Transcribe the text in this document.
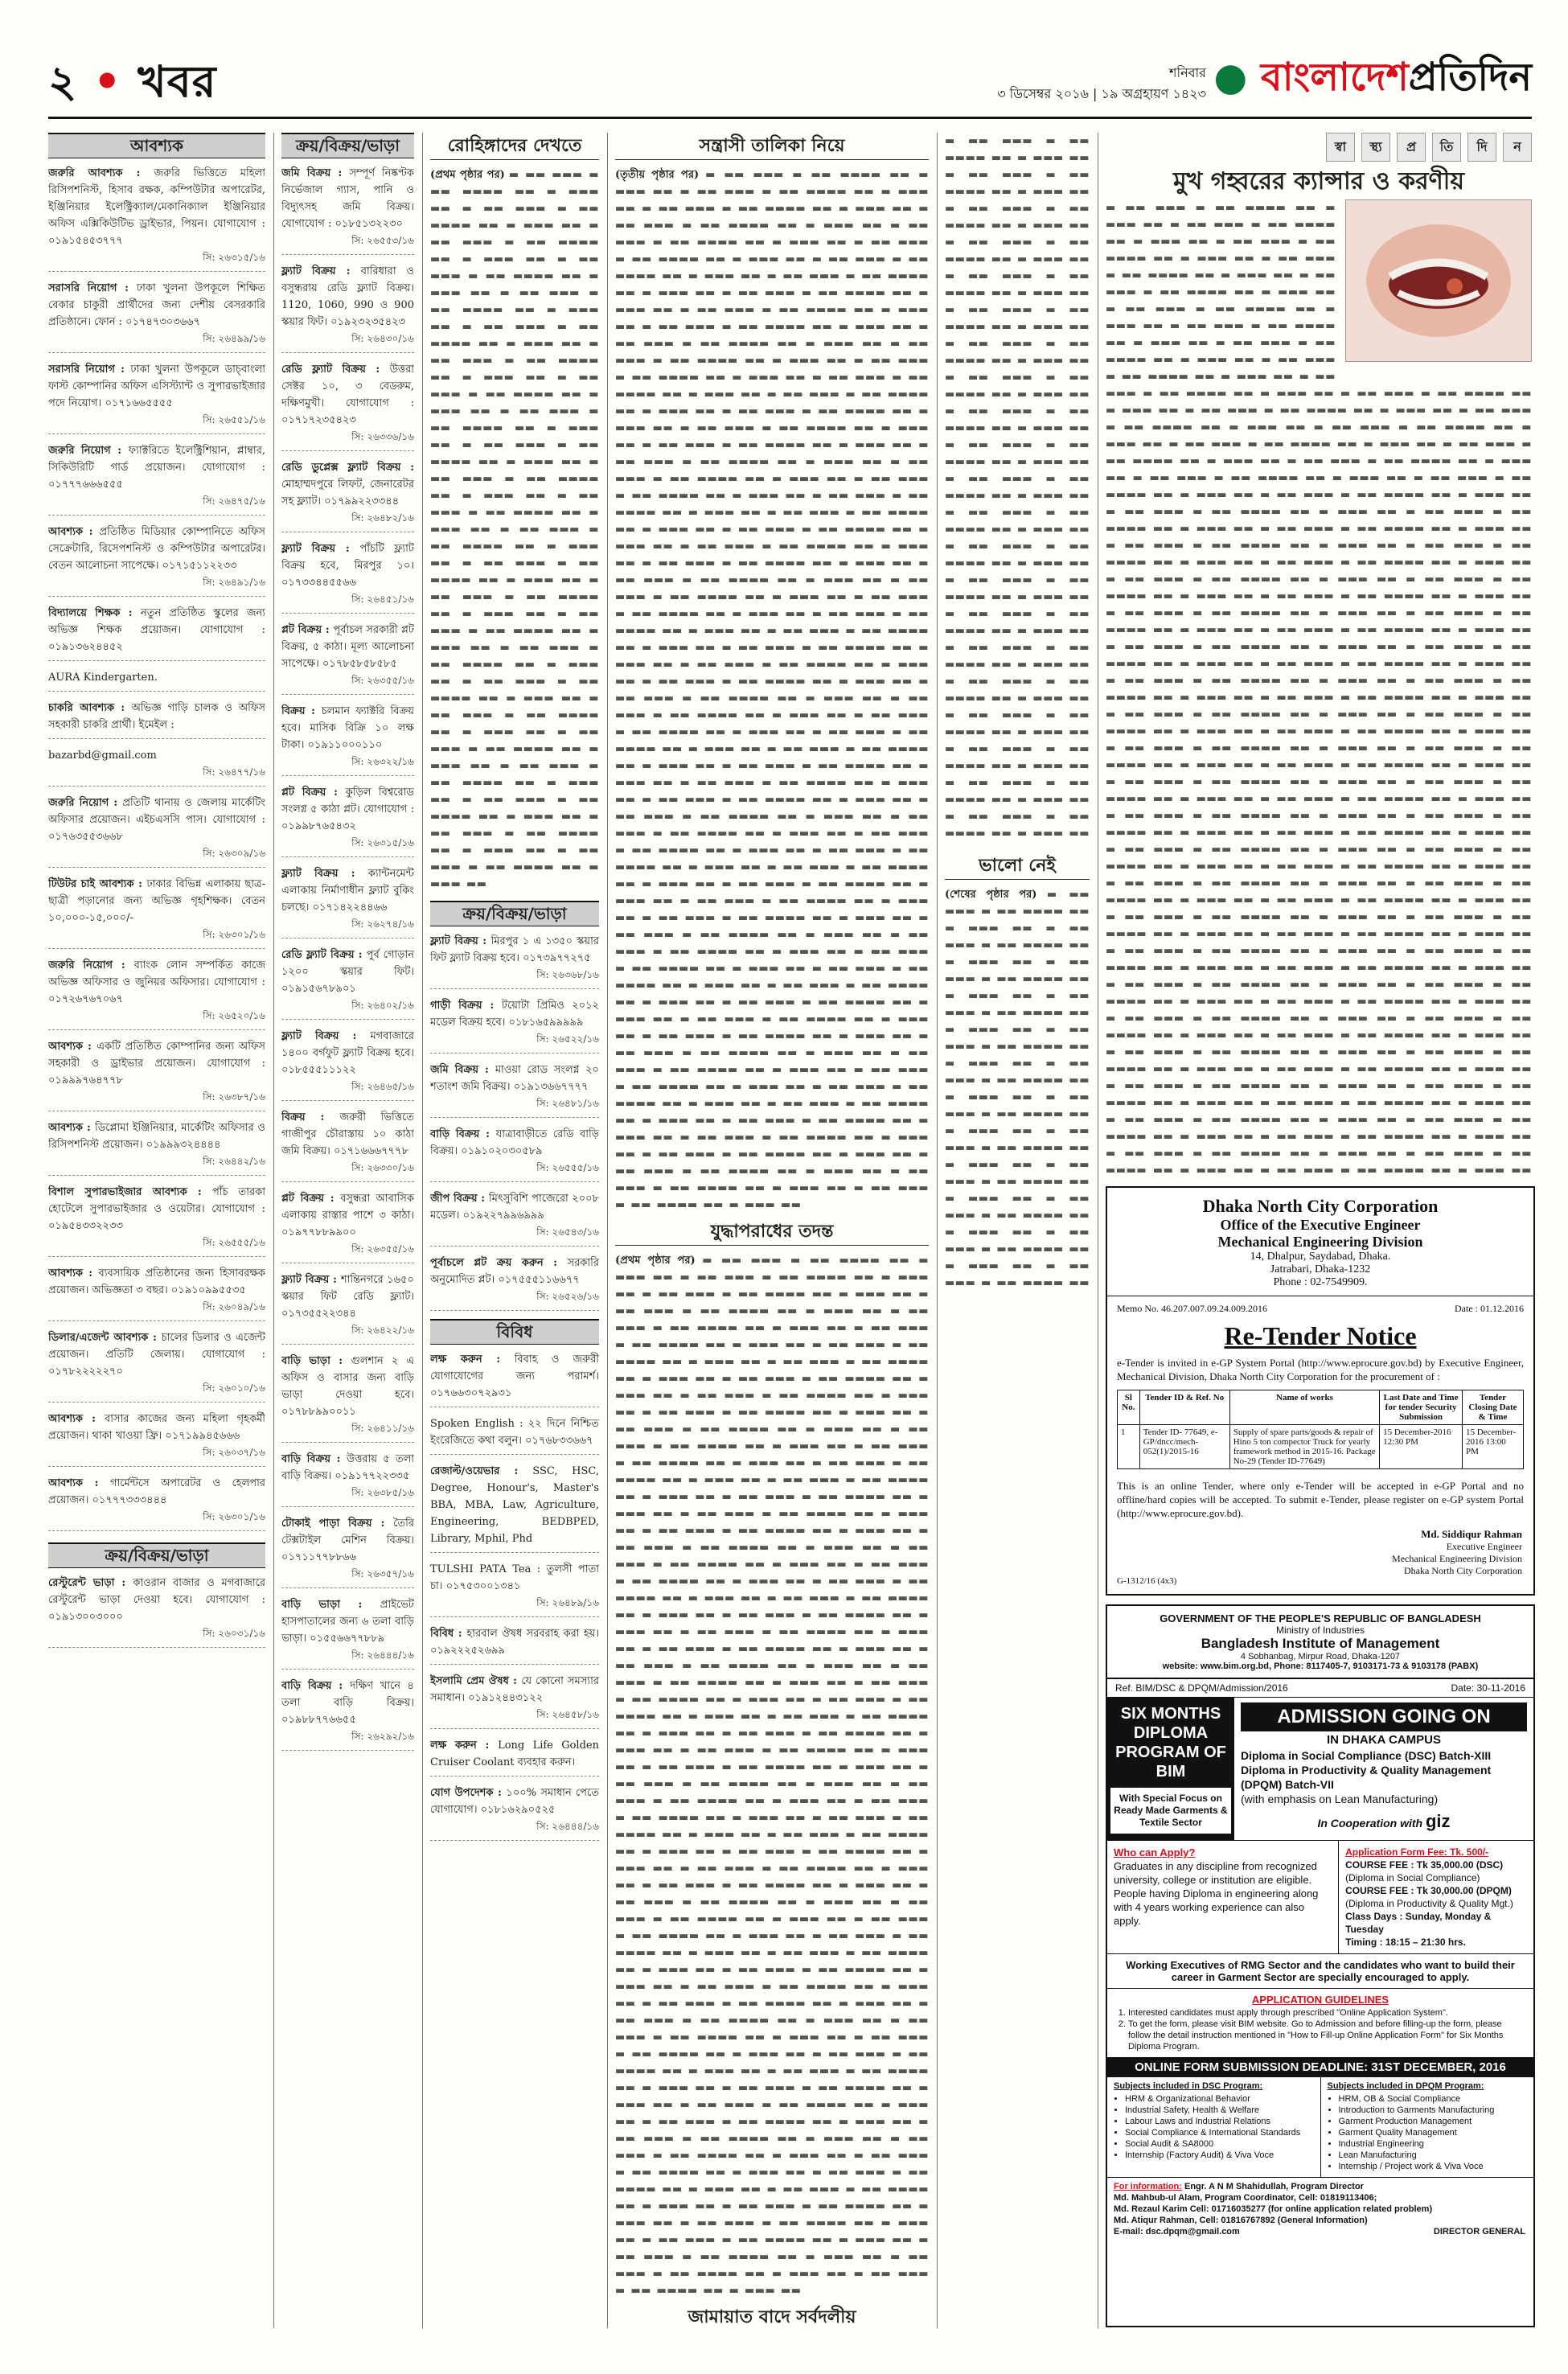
২ • খবর	শনিবার
৩ ডিসেম্বর ২০১৬ | ১৯ অগ্রহায়ণ ১৪২৩ ● বাংলাদেশপ্রতিদিন
আবশ্যক
জরুরি আবশ্যক : জরুরি ভিত্তিতে মহিলা রিসিপশনিস্ট, হিসাব রক্ষক, কম্পিউটার অপারেটর, ইঞ্জিনিয়ার ইলেক্ট্রিক্যাল/মেকানিক্যাল ইঞ্জিনিয়ার অফিস এক্সিকিউটিভ ড্রাইভার, পিয়ন। যোগাযোগ : ০১৯১৫৪৫৩৭৭৭
সি: ২৬৩১৫/১৬
সরাসরি নিয়োগ : ঢাকা খুলনা উপকূলে শিক্ষিত বেকার চাকুরী প্রার্থীদের জন্য দেশীয় বেসরকারি প্রতিষ্ঠানে। ফোন : ০১৭৪৭৩০৩৬৬৭
সি: ২৬৪৯৯/১৬
সরাসরি নিয়োগ : ঢাকা খুলনা উপকূলে ডাচ্‌বাংলা ফাস্ট কোম্পানির অফিস এসিস্ট্যান্ট ও সুপারভাইজার পদে নিয়োগ। ০১৭১৬৬৫৫৫৫
সি: ২৬৫৫১/১৬
জরুরি নিয়োগ : ফ্যাক্টরিতে ইলেক্ট্রিশিয়ান, প্লাম্বার, সিকিউরিটি গার্ড প্রয়োজন। যোগাযোগ : ০১৭৭৭৬৬৬৫৫৫
সি: ২৬৪৭৫/১৬
আবশ্যক : প্রতিষ্ঠিত মিডিয়ার কোম্পানিতে অফিস সেক্রেটারি, রিসেপশনিস্ট ও কম্পিউটার অপারেটর। বেতন আলোচনা সাপেক্ষে। ০১৭১৫১১২২৩৩
সি: ২৬৪৯১/১৬
বিদ্যালয়ে শিক্ষক : নতুন প্রতিষ্ঠিত স্কুলের জন্য অভিজ্ঞ শিক্ষক প্রয়োজন। যোগাযোগ : ০১৯১৩৬২৪৪৫২
AURA Kindergarten.
চাকরি আবশ্যক : অভিজ্ঞ গাড়ি চালক ও অফিস সহকারী চাকরি প্রার্থী। ইমেইল :
bazarbd@gmail.com
সি: ২৬৪৭৭/১৬
জরুরি নিয়োগ : প্রতিটি থানায় ও জেলায় মার্কেটিং অফিসার প্রয়োজন। এইচএসসি পাস। যোগাযোগ : ০১৭৬৩৫৫৩৬৬৮
সি: ২৬৩০৯/১৬
টিউটর চাই আবশ্যক : ঢাকার বিভিন্ন এলাকায় ছাত্র-ছাত্রী পড়ানোর জন্য অভিজ্ঞ গৃহশিক্ষক। বেতন ১০,০০০-১৫,০০০/-
সি: ২৬৩০১/১৬
জরুরি নিয়োগ : ব্যাংক লোন সম্পর্কিত কাজে অভিজ্ঞ অফিসার ও জুনিয়র অফিসার। যোগাযোগ : ০১৭২৬৭৬৭০৬৭
সি: ২৬৫২০/১৬
আবশ্যক : একটি প্রতিষ্ঠিত কোম্পানির জন্য অফিস সহকারী ও ড্রাইভার প্রয়োজন। যোগাযোগ : ০১৯৯৯৭৬৪৭৭৮
সি: ২৬৩৮৭/১৬
আবশ্যক : ডিপ্লোমা ইঞ্জিনিয়ার, মার্কেটিং অফিসার ও রিসিপশনিস্ট প্রয়োজন। ০১৯৯৯৩২৪৪৪৪
সি: ২৬৪৪২/১৬
বিশাল সুপারভাইজার আবশ্যক : পাঁচ তারকা হোটেলে সুপারভাইজার ও ওয়েটার। যোগাযোগ : ০১৯৫৪৩৩২২৩৩
সি: ২৬৫৫৫/১৬
আবশ্যক : ব্যবসায়িক প্রতিষ্ঠানের জন্য হিসাবরক্ষক প্রয়োজন। অভিজ্ঞতা ৩ বছর। ০১৯১০৯৯৫৫৩৫
সি: ২৬০৪৯/১৬
ডিলার/এজেন্ট আবশ্যক : চালের ডিলার ও এজেন্ট প্রয়োজন। প্রতিটি জেলায়। যোগাযোগ : ০১৭৮২২২২২৭০
সি: ২৬০১০/১৬
আবশ্যক : বাসার কাজের জন্য মহিলা গৃহকর্মী প্রয়োজন। থাকা খাওয়া ফ্রি। ০১৭১৯৯৪৫৬৬৬
সি: ২৬০৩৭/১৬
আবশ্যক : গার্মেন্টসে অপারেটর ও হেলপার প্রয়োজন। ০১৭৭৭৩৩৩৪৪৪
সি: ২৬৩০১/১৬
ক্রয়/বিক্রয়/ভাড়া
রেস্টুরেন্ট ভাড়া : কাওরান বাজার ও মগবাজারে রেস্টুরেন্ট ভাড়া দেওয়া হবে। যোগাযোগ : ০১৯১৩০০৩০০০
সি: ২৬০৩১/১৬
ক্রয়/বিক্রয়/ভাড়া
জমি বিক্রয় : সম্পূর্ণ নিষ্কণ্টক নির্ভেজাল গ্যাস, পানি ও বিদ্যুৎসহ জমি বিক্রয়। যোগাযোগ : ০১৮৫১৩২২৩০
সি: ২৬৫৫৩/১৬
ফ্ল্যাট বিক্রয় : বারিধারা ও বসুন্ধরায় রেডি ফ্ল্যাট বিক্রয়। 1120, 1060, 990 ও 900 স্কয়ার ফিট। ০১৯২৩২৩৫৪২৩
সি: ২৬৪৩০/১৬
রেডি ফ্ল্যাট বিক্রয় : উত্তরা সেক্টর ১০, ৩ বেডরুম, দক্ষিণমুখী। যোগাযোগ : ০১৭১৭২৩৫৪২৩
সি: ২৬৩৩৬/১৬
রেডি ডুপ্লেক্স ফ্ল্যাট বিক্রয় : মোহাম্মদপুরে লিফট, জেনারেটর সহ ফ্ল্যাট। ০১৭৯৯২২৩৩৪৪
সি: ২৬৪৮২/১৬
ফ্ল্যাট বিক্রয় : পাঁচটি ফ্ল্যাট বিক্রয় হবে, মিরপুর ১০। ০১৭৩৩৪৪৫৫৬৬
সি: ২৬৪৫১/১৬
প্লট বিক্রয় : পূর্বাচল সরকারী প্লট বিক্রয়, ৫ কাঠা। মূল্য আলোচনা সাপেক্ষে। ০১৭৮৫৮৫৮৫৮৫
সি: ২৬৩৫৫/১৬
বিক্রয় : চলমান ফ্যাক্টরি বিক্রয় হবে। মাসিক বিক্রি ১০ লক্ষ টাকা। ০১৯১১০০০১১০
সি: ২৬৩২২/১৬
প্লট বিক্রয় : কুড়িল বিশ্বরোড সংলগ্ন ৫ কাঠা প্লট। যোগাযোগ : ০১৯৯৮৭৬৫৪৩২
সি: ২৬৩১৫/১৬
ফ্ল্যাট বিক্রয় : ক্যান্টনমেন্ট এলাকায় নির্মাণাধীন ফ্ল্যাট বুকিং চলছে। ০১৭১৪২২৪৪৬৬
সি: ২৬২৭৪/১৬
রেডি ফ্ল্যাট বিক্রয় : পুর্ব গোড়ান ১২০০ স্কয়ার ফিট। ০১৯১৫৬৭৮৯০১
সি: ২৬৪০২/১৬
ফ্ল্যাট বিক্রয় : মগবাজারে ১৪০০ বর্গফুট ফ্ল্যাট বিক্রয় হবে। ০১৮৫৫৫১১১২২
সি: ২৬৪৬৫/১৬
বিক্রয় : জরুরী ভিত্তিতে গাজীপুর চৌরাস্তায় ১০ কাঠা জমি বিক্রয়। ০১৭১৬৬৬৭৭৭৮
সি: ২৬৩৩০/১৬
প্লট বিক্রয় : বসুন্ধরা আবাসিক এলাকায় রাস্তার পাশে ৩ কাঠা। ০১৯৭৭৮৮৯৯০০
সি: ২৬৩৫৫/১৬
ফ্ল্যাট বিক্রয় : শান্তিনগরে ১৬৫০ স্কয়ার ফিট রেডি ফ্ল্যাট। ০১৭৩৫৫২২৩৪৪
সি: ২৬৪২২/১৬
বাড়ি ভাড়া : গুলশান ২ এ অফিস ও বাসার জন্য বাড়ি ভাড়া দেওয়া হবে। ০১৭৮৮৯৯০০১১
সি: ২৬৪১১/১৬
বাড়ি বিক্রয় : উত্তরায় ৫ তলা বাড়ি বিক্রয়। ০১৯১৭৭২২৩৩৫
সি: ২৬৩৮৫/১৬
টোকাই পাড়া বিক্রয় : তৈরি টেক্সটাইল মেশিন বিক্রয়। ০১৭১১৭৭৮৮৬৬
সি: ২৬৩৫৭/১৬
বাড়ি ভাড়া : প্রাইভেট হাসপাতালের জন্য ৬ তলা বাড়ি ভাড়া। ০১৫৫৬৬৭৭৮৮৯
সি: ২৬৪৪৪/১৬
বাড়ি বিক্রয় : দক্ষিণ খানে ৪ তলা বাড়ি বিক্রয়। ০১৯৮৮৭৭৬৬৫৫
সি: ২৬২৯২/১৬
রোহিঙ্গাদের দেখতে

(প্রথম পৃষ্ঠার পর) ▬ ▬▬ ▬▬▬ ▬ ▬▬ ▬▬▬▬ ▬▬ ▬ ▬▬▬ ▬▬ ▬ ▬▬ ▬▬▬ ▬ ▬▬ ▬▬▬▬ ▬▬ ▬ ▬▬▬ ▬▬ ▬ ▬▬ ▬▬▬ ▬ ▬▬ ▬▬▬▬ ▬▬ ▬ ▬▬▬ ▬▬ ▬ ▬▬ ▬▬▬ ▬ ▬▬ ▬▬▬▬ ▬▬ ▬ ▬▬▬ ▬▬ ▬ ▬▬ ▬▬▬ ▬ ▬▬ ▬▬▬▬ ▬▬ ▬ ▬▬▬ ▬▬ ▬ ▬▬ ▬▬▬ ▬ ▬▬ ▬▬▬▬ ▬▬ ▬ ▬▬▬ ▬▬ ▬ ▬▬ ▬▬▬ ▬ ▬▬ ▬▬▬▬ ▬▬ ▬ ▬▬▬ ▬▬ ▬ ▬▬ ▬▬▬ ▬ ▬▬ ▬▬▬▬ ▬▬ ▬ ▬▬▬ ▬▬ ▬ ▬▬ ▬▬▬ ▬ ▬▬ ▬▬▬▬ ▬▬ ▬ ▬▬▬ ▬▬ ▬ ▬▬ ▬▬▬ ▬ ▬▬ ▬▬▬▬ ▬▬ ▬ ▬▬▬ ▬▬ ▬ ▬▬ ▬▬▬ ▬ ▬▬ ▬▬▬▬ ▬▬ ▬ ▬▬▬ ▬▬ ▬ ▬▬ ▬▬▬ ▬ ▬▬ ▬▬▬▬ ▬▬ ▬ ▬▬▬ ▬▬ ▬ ▬▬ ▬▬▬ ▬ ▬▬ ▬▬▬▬ ▬▬ ▬ ▬▬▬ ▬▬ ▬ ▬▬ ▬▬▬ ▬ ▬▬ ▬▬▬▬ ▬▬ ▬ ▬▬▬ ▬▬ ▬ ▬▬ ▬▬▬ ▬ ▬▬ ▬▬▬▬ ▬▬ ▬ ▬▬▬ ▬▬ ▬ ▬▬ ▬▬▬ ▬ ▬▬ ▬▬▬▬ ▬▬ ▬ ▬▬▬ ▬▬ ▬ ▬▬ ▬▬▬ ▬ ▬▬ ▬▬▬▬ ▬▬ ▬ ▬▬▬ ▬▬ ▬ ▬▬ ▬▬▬ ▬ ▬▬ ▬▬▬▬ ▬▬ ▬ ▬▬▬ ▬▬ ▬ ▬▬ ▬▬▬ ▬ ▬▬ ▬▬▬▬ ▬▬ ▬ ▬▬▬ ▬▬ ▬ ▬▬ ▬▬▬ ▬ ▬▬ ▬▬▬▬ ▬▬ ▬ ▬▬▬ ▬▬ ▬ ▬▬ ▬▬▬ ▬ ▬▬ ▬▬▬▬ ▬▬ ▬ ▬▬▬ ▬▬ ▬ ▬▬ ▬▬▬ ▬ ▬▬ ▬▬▬▬ ▬▬ ▬ ▬▬▬ ▬▬ ▬ ▬▬ ▬▬▬ ▬ ▬▬ ▬▬▬▬ ▬▬ ▬ ▬▬▬ ▬▬ ▬ ▬▬ ▬▬▬ ▬ ▬▬ ▬▬▬▬ ▬▬ ▬ ▬▬▬ ▬▬

ক্রয়/বিক্রয়/ভাড়া
ফ্ল্যাট বিক্রয় : মিরপুর ১ এ ১৩৫০ স্কয়ার ফিট ফ্ল্যাট বিক্রয় হবে। ০১৭৩৯৭৭২৭৫
সি: ২৬৩৬৮/১৬
গাড়ী বিক্রয় : টয়োটা প্রিমিও ২০১২ মডেল বিক্রয় হবে। ০১৮১৬৫৯৯৯৯৯
সি: ২৬৫২২/১৬
জমি বিক্রয় : মাওয়া রোড সংলগ্ন ২০ শতাংশ জমি বিক্রয়। ০১৯১৩৬৬৭৭৭৭
সি: ২৬৪৮১/১৬
বাড়ি বিক্রয় : যাত্রাবাড়ীতে রেডি বাড়ি বিক্রয়। ০১৯১০২০৩০৫৮৯
সি: ২৬৫৫৫/১৬
জীপ বিক্রয় : মিৎসুবিশি পাজেরো ২০০৮ মডেল। ০১৯২২৭৯৯৬৯৯৯
সি: ২৬৫৪৩/১৬
পূর্বাচলে প্লট ক্রয় করুন : সরকারি অনুমোদিত প্লট। ০১৭৫৫৫১১৬৬৭৭
সি: ২৬৫২৬/১৬
বিবিধ
লক্ষ করুন : বিবাহ ও জরুরী যোগাযোগের জন্য পরামর্শ। ০১৭৬৬৩০৭২৯৩১
Spoken English : ২২ দিনে নিশ্চিত ইংরেজিতে কথা বলুন। ০১৭৬৮৩৩৬৬৭
রেজাল্ট/ওয়েভার : SSC, HSC, Degree, Honour's, Master's BBA, MBA, Law, Agriculture, Engineering, BEDBPED, Library, Mphil, Phd
TULSHI PATA Tea : তুলসী পাতা চা। ০১৭৫৩০০১৩৪১
সি: ২৬৪৮৯/১৬
বিবিধ : হারবাল ঔষধ সরবরাহ করা হয়। ০১৯২২২৫২৬৯৯
ইসলামি প্রেম ঔষধ : যে কোনো সমস্যার সমাধান। ০১৯১২৪৪৩১২২
সি: ২৬৪৫৮/১৬
লক্ষ করুন : Long Life Golden Cruiser Coolant ব্যবহার করুন।
যোগ উপদেশক : ১০০% সমাধান পেতে যোগাযোগ। ০১৮১৬২৯০৫২৫
সি: ২৬৪৪৪/১৬
সন্ত্রাসী তালিকা নিয়ে

(তৃতীয় পৃষ্ঠার পর) ▬ ▬▬ ▬▬▬ ▬ ▬▬ ▬▬▬▬ ▬▬ ▬ ▬▬▬ ▬▬ ▬ ▬▬ ▬▬▬ ▬ ▬▬ ▬▬▬▬ ▬▬ ▬ ▬▬▬ ▬▬ ▬ ▬▬ ▬▬▬ ▬ ▬▬ ▬▬▬▬ ▬▬ ▬ ▬▬▬ ▬▬ ▬ ▬▬ ▬▬▬ ▬ ▬▬ ▬▬▬▬ ▬▬ ▬ ▬▬▬ ▬▬ ▬ ▬▬ ▬▬▬ ▬ ▬▬ ▬▬▬▬ ▬▬ ▬ ▬▬▬ ▬▬ ▬ ▬▬ ▬▬▬ ▬ ▬▬ ▬▬▬▬ ▬▬ ▬ ▬▬▬ ▬▬ ▬ ▬▬ ▬▬▬ ▬ ▬▬ ▬▬▬▬ ▬▬ ▬ ▬▬▬ ▬▬ ▬ ▬▬ ▬▬▬ ▬ ▬▬ ▬▬▬▬ ▬▬ ▬ ▬▬▬ ▬▬ ▬ ▬▬ ▬▬▬ ▬ ▬▬ ▬▬▬▬ ▬▬ ▬ ▬▬▬ ▬▬ ▬ ▬▬ ▬▬▬ ▬ ▬▬ ▬▬▬▬ ▬▬ ▬ ▬▬▬ ▬▬ ▬ ▬▬ ▬▬▬ ▬ ▬▬ ▬▬▬▬ ▬▬ ▬ ▬▬▬ ▬▬ ▬ ▬▬ ▬▬▬ ▬ ▬▬ ▬▬▬▬ ▬▬ ▬ ▬▬▬ ▬▬ ▬ ▬▬ ▬▬▬ ▬ ▬▬ ▬▬▬▬ ▬▬ ▬ ▬▬▬ ▬▬ ▬ ▬▬ ▬▬▬ ▬ ▬▬ ▬▬▬▬ ▬▬ ▬ ▬▬▬ ▬▬ ▬ ▬▬ ▬▬▬ ▬ ▬▬ ▬▬▬▬ ▬▬ ▬ ▬▬▬ ▬▬ ▬ ▬▬ ▬▬▬ ▬ ▬▬ ▬▬▬▬ ▬▬ ▬ ▬▬▬ ▬▬ ▬ ▬▬ ▬▬▬ ▬ ▬▬ ▬▬▬▬ ▬▬ ▬ ▬▬▬ ▬▬ ▬ ▬▬ ▬▬▬ ▬ ▬▬ ▬▬▬▬ ▬▬ ▬ ▬▬▬ ▬▬ ▬ ▬▬ ▬▬▬ ▬ ▬▬ ▬▬▬▬ ▬▬ ▬ ▬▬▬ ▬▬ ▬ ▬▬ ▬▬▬ ▬ ▬▬ ▬▬▬▬ ▬▬ ▬ ▬▬▬ ▬▬ ▬ ▬▬ ▬▬▬ ▬ ▬▬ ▬▬▬▬ ▬▬ ▬ ▬▬▬ ▬▬ ▬ ▬▬ ▬▬▬ ▬ ▬▬ ▬▬▬▬ ▬▬ ▬ ▬▬▬ ▬▬ ▬ ▬▬ ▬▬▬ ▬ ▬▬ ▬▬▬▬ ▬▬ ▬ ▬▬▬ ▬▬ ▬ ▬▬ ▬▬▬ ▬ ▬▬ ▬▬▬▬ ▬▬ ▬ ▬▬▬ ▬▬ ▬ ▬▬ ▬▬▬ ▬ ▬▬ ▬▬▬▬ ▬▬ ▬ ▬▬▬ ▬▬ ▬ ▬▬ ▬▬▬ ▬ ▬▬ ▬▬▬▬ ▬▬ ▬ ▬▬▬ ▬▬ ▬ ▬▬ ▬▬▬ ▬ ▬▬ ▬▬▬▬ ▬▬ ▬ ▬▬▬ ▬▬ ▬ ▬▬ ▬▬▬ ▬ ▬▬ ▬▬▬▬ ▬▬ ▬ ▬▬▬ ▬▬ ▬ ▬▬ ▬▬▬ ▬ ▬▬ ▬▬▬▬ ▬▬ ▬ ▬▬▬ ▬▬ ▬ ▬▬ ▬▬▬ ▬ ▬▬ ▬▬▬▬ ▬▬ ▬ ▬▬▬ ▬▬ ▬ ▬▬ ▬▬▬ ▬ ▬▬ ▬▬▬▬ ▬▬ ▬ ▬▬▬ ▬▬ ▬ ▬▬ ▬▬▬ ▬ ▬▬ ▬▬▬▬ ▬▬ ▬ ▬▬▬ ▬▬ ▬ ▬▬ ▬▬▬ ▬ ▬▬ ▬▬▬▬ ▬▬ ▬ ▬▬▬ ▬▬ ▬ ▬▬ ▬▬▬ ▬ ▬▬ ▬▬▬▬ ▬▬ ▬ ▬▬▬ ▬▬ ▬ ▬▬ ▬▬▬ ▬ ▬▬ ▬▬▬▬ ▬▬ ▬ ▬▬▬ ▬▬ ▬ ▬▬ ▬▬▬ ▬ ▬▬ ▬▬▬▬ ▬▬ ▬ ▬▬▬ ▬▬ ▬ ▬▬ ▬▬▬ ▬ ▬▬ ▬▬▬▬ ▬▬ ▬ ▬▬▬ ▬▬ ▬ ▬▬ ▬▬▬ ▬ ▬▬ ▬▬▬▬ ▬▬ ▬ ▬▬▬ ▬▬ ▬ ▬▬ ▬▬▬ ▬ ▬▬ ▬▬▬▬ ▬▬ ▬ ▬▬▬ ▬▬ ▬ ▬▬ ▬▬▬ ▬ ▬▬ ▬▬▬▬ ▬▬ ▬ ▬▬▬ ▬▬ ▬ ▬▬ ▬▬▬ ▬ ▬▬ ▬▬▬▬ ▬▬ ▬ ▬▬▬ ▬▬ ▬ ▬▬ ▬▬▬ ▬ ▬▬ ▬▬▬▬ ▬▬ ▬ ▬▬▬ ▬▬ ▬ ▬▬ ▬▬▬ ▬ ▬▬ ▬▬▬▬ ▬▬ ▬ ▬▬▬ ▬▬ ▬ ▬▬ ▬▬▬ ▬ ▬▬ ▬▬▬▬ ▬▬ ▬ ▬▬▬ ▬▬ ▬ ▬▬ ▬▬▬ ▬ ▬▬ ▬▬▬▬ ▬▬ ▬ ▬▬▬ ▬▬ ▬ ▬▬ ▬▬▬ ▬ ▬▬ ▬▬▬▬ ▬▬ ▬ ▬▬▬ ▬▬ ▬ ▬▬ ▬▬▬ ▬ ▬▬ ▬▬▬▬ ▬▬ ▬ ▬▬▬ ▬▬ ▬ ▬▬ ▬▬▬ ▬ ▬▬ ▬▬▬▬ ▬▬ ▬ ▬▬▬ ▬▬ ▬ ▬▬ ▬▬▬ ▬ ▬▬ ▬▬▬▬ ▬▬ ▬ ▬▬▬ ▬▬ ▬ ▬▬ ▬▬▬ ▬ ▬▬ ▬▬▬▬ ▬▬ ▬ ▬▬▬ ▬▬ ▬ ▬▬ ▬▬▬ ▬ ▬▬ ▬▬▬▬ ▬▬ ▬ ▬▬▬ ▬▬ ▬ ▬▬ ▬▬▬ ▬ ▬▬ ▬▬▬▬ ▬▬ ▬ ▬▬▬ ▬▬ ▬ ▬▬ ▬▬▬ ▬ ▬▬ ▬▬▬▬ ▬▬ ▬ ▬▬▬ ▬▬ ▬ ▬▬ ▬▬▬ ▬ ▬▬ ▬▬▬▬ ▬▬ ▬ ▬▬▬ ▬▬ ▬ ▬▬ ▬▬▬ ▬ ▬▬ ▬▬▬▬ ▬▬ ▬ ▬▬▬ ▬▬ ▬ ▬▬ ▬▬▬ ▬ ▬▬ ▬▬▬▬ ▬▬ ▬ ▬▬▬ ▬▬ ▬ ▬▬ ▬▬▬ ▬ ▬▬ ▬▬▬▬ ▬▬ ▬ ▬▬▬ ▬▬ ▬ ▬▬ ▬▬▬ ▬ ▬▬ ▬▬▬▬ ▬▬ ▬ ▬▬▬ ▬▬ ▬ ▬▬ ▬▬▬ ▬ ▬▬ ▬▬▬▬ ▬▬ ▬ ▬▬▬ ▬▬ ▬ ▬▬ ▬▬▬ ▬ ▬▬ ▬▬▬▬ ▬▬ ▬ ▬▬▬ ▬▬ ▬ ▬▬ ▬▬▬ ▬ ▬▬ ▬▬▬▬ ▬▬ ▬ ▬▬▬ ▬▬ ▬ ▬▬ ▬▬▬ ▬ ▬▬ ▬▬▬▬ ▬▬ ▬ ▬▬▬ ▬▬ ▬ ▬▬ ▬▬▬ ▬ ▬▬ ▬▬▬▬ ▬▬ ▬ ▬▬▬ ▬▬ ▬ ▬▬ ▬▬▬ ▬ ▬▬ ▬▬▬▬ ▬▬ ▬ ▬▬▬ ▬▬ ▬ ▬▬ ▬▬▬ ▬ ▬▬ ▬▬▬▬ ▬▬ ▬ ▬▬▬ ▬▬ ▬ ▬▬ ▬▬▬ ▬ ▬▬ ▬▬▬▬ ▬▬ ▬ ▬▬▬ ▬▬ ▬ ▬▬ ▬▬▬ ▬ ▬▬ ▬▬▬▬ ▬▬ ▬ ▬▬▬ ▬▬ ▬ ▬▬ ▬▬▬ ▬ ▬▬ ▬▬▬▬ ▬▬ ▬ ▬▬▬ ▬▬ ▬ ▬▬ ▬▬▬ ▬ ▬▬ ▬▬▬▬ ▬▬ ▬ ▬▬▬ ▬▬ ▬ ▬▬ ▬▬▬ ▬ ▬▬ ▬▬▬▬ ▬▬ ▬ ▬▬▬ ▬▬

যুদ্ধাপরাধের তদন্ত

(প্রথম পৃষ্ঠার পর) ▬ ▬▬ ▬▬▬ ▬ ▬▬ ▬▬▬▬ ▬▬ ▬ ▬▬▬ ▬▬ ▬ ▬▬ ▬▬▬ ▬ ▬▬ ▬▬▬▬ ▬▬ ▬ ▬▬▬ ▬▬ ▬ ▬▬ ▬▬▬ ▬ ▬▬ ▬▬▬▬ ▬▬ ▬ ▬▬▬ ▬▬ ▬ ▬▬ ▬▬▬ ▬ ▬▬ ▬▬▬▬ ▬▬ ▬ ▬▬▬ ▬▬ ▬ ▬▬ ▬▬▬ ▬ ▬▬ ▬▬▬▬ ▬▬ ▬ ▬▬▬ ▬▬ ▬ ▬▬ ▬▬▬ ▬ ▬▬ ▬▬▬▬ ▬▬ ▬ ▬▬▬ ▬▬ ▬ ▬▬ ▬▬▬ ▬ ▬▬ ▬▬▬▬ ▬▬ ▬ ▬▬▬ ▬▬ ▬ ▬▬ ▬▬▬ ▬ ▬▬ ▬▬▬▬ ▬▬ ▬ ▬▬▬ ▬▬ ▬ ▬▬ ▬▬▬ ▬ ▬▬ ▬▬▬▬ ▬▬ ▬ ▬▬▬ ▬▬ ▬ ▬▬ ▬▬▬ ▬ ▬▬ ▬▬▬▬ ▬▬ ▬ ▬▬▬ ▬▬ ▬ ▬▬ ▬▬▬ ▬ ▬▬ ▬▬▬▬ ▬▬ ▬ ▬▬▬ ▬▬ ▬ ▬▬ ▬▬▬ ▬ ▬▬ ▬▬▬▬ ▬▬ ▬ ▬▬▬ ▬▬ ▬ ▬▬ ▬▬▬ ▬ ▬▬ ▬▬▬▬ ▬▬ ▬ ▬▬▬ ▬▬ ▬ ▬▬ ▬▬▬ ▬ ▬▬ ▬▬▬▬ ▬▬ ▬ ▬▬▬ ▬▬ ▬ ▬▬ ▬▬▬ ▬ ▬▬ ▬▬▬▬ ▬▬ ▬ ▬▬▬ ▬▬ ▬ ▬▬ ▬▬▬ ▬ ▬▬ ▬▬▬▬ ▬▬ ▬ ▬▬▬ ▬▬ ▬ ▬▬ ▬▬▬ ▬ ▬▬ ▬▬▬▬ ▬▬ ▬ ▬▬▬ ▬▬ ▬ ▬▬ ▬▬▬ ▬ ▬▬ ▬▬▬▬ ▬▬ ▬ ▬▬▬ ▬▬ ▬ ▬▬ ▬▬▬ ▬ ▬▬ ▬▬▬▬ ▬▬ ▬ ▬▬▬ ▬▬ ▬ ▬▬ ▬▬▬ ▬ ▬▬ ▬▬▬▬ ▬▬ ▬ ▬▬▬ ▬▬ ▬ ▬▬ ▬▬▬ ▬ ▬▬ ▬▬▬▬ ▬▬ ▬ ▬▬▬ ▬▬ ▬ ▬▬ ▬▬▬ ▬ ▬▬ ▬▬▬▬ ▬▬ ▬ ▬▬▬ ▬▬ ▬ ▬▬ ▬▬▬ ▬ ▬▬ ▬▬▬▬ ▬▬ ▬ ▬▬▬ ▬▬ ▬ ▬▬ ▬▬▬ ▬ ▬▬ ▬▬▬▬ ▬▬ ▬ ▬▬▬ ▬▬ ▬ ▬▬ ▬▬▬ ▬ ▬▬ ▬▬▬▬ ▬▬ ▬ ▬▬▬ ▬▬ ▬ ▬▬ ▬▬▬ ▬ ▬▬ ▬▬▬▬ ▬▬ ▬ ▬▬▬ ▬▬ ▬ ▬▬ ▬▬▬ ▬ ▬▬ ▬▬▬▬ ▬▬ ▬ ▬▬▬ ▬▬ ▬ ▬▬ ▬▬▬ ▬ ▬▬ ▬▬▬▬ ▬▬ ▬ ▬▬▬ ▬▬ ▬ ▬▬ ▬▬▬ ▬ ▬▬ ▬▬▬▬ ▬▬ ▬ ▬▬▬ ▬▬ ▬ ▬▬ ▬▬▬ ▬ ▬▬ ▬▬▬▬ ▬▬ ▬ ▬▬▬ ▬▬ ▬ ▬▬ ▬▬▬ ▬ ▬▬ ▬▬▬▬ ▬▬ ▬ ▬▬▬ ▬▬ ▬ ▬▬ ▬▬▬ ▬ ▬▬ ▬▬▬▬ ▬▬ ▬ ▬▬▬ ▬▬ ▬ ▬▬ ▬▬▬ ▬ ▬▬ ▬▬▬▬ ▬▬ ▬ ▬▬▬ ▬▬ ▬ ▬▬ ▬▬▬ ▬ ▬▬ ▬▬▬▬ ▬▬ ▬ ▬▬▬ ▬▬ ▬ ▬▬ ▬▬▬ ▬ ▬▬ ▬▬▬▬ ▬▬ ▬ ▬▬▬ ▬▬ ▬ ▬▬ ▬▬▬ ▬ ▬▬ ▬▬▬▬ ▬▬ ▬ ▬▬▬ ▬▬ ▬ ▬▬ ▬▬▬ ▬ ▬▬ ▬▬▬▬ ▬▬ ▬ ▬▬▬ ▬▬ ▬ ▬▬ ▬▬▬ ▬ ▬▬ ▬▬▬▬ ▬▬ ▬ ▬▬▬ ▬▬ ▬ ▬▬ ▬▬▬ ▬ ▬▬ ▬▬▬▬ ▬▬ ▬ ▬▬▬ ▬▬ ▬ ▬▬ ▬▬▬ ▬ ▬▬ ▬▬▬▬ ▬▬ ▬ ▬▬▬ ▬▬ ▬ ▬▬ ▬▬▬ ▬ ▬▬ ▬▬▬▬ ▬▬ ▬ ▬▬▬ ▬▬ ▬ ▬▬ ▬▬▬ ▬ ▬▬ ▬▬▬▬ ▬▬ ▬ ▬▬▬ ▬▬ ▬ ▬▬ ▬▬▬ ▬ ▬▬ ▬▬▬▬ ▬▬ ▬ ▬▬▬ ▬▬ ▬ ▬▬ ▬▬▬ ▬ ▬▬ ▬▬▬▬ ▬▬ ▬ ▬▬▬ ▬▬ ▬ ▬▬ ▬▬▬ ▬ ▬▬ ▬▬▬▬ ▬▬ ▬ ▬▬▬ ▬▬ ▬ ▬▬ ▬▬▬ ▬ ▬▬ ▬▬▬▬ ▬▬ ▬ ▬▬▬ ▬▬ ▬ ▬▬ ▬▬▬ ▬ ▬▬ ▬▬▬▬ ▬▬ ▬ ▬▬▬ ▬▬ ▬ ▬▬ ▬▬▬ ▬ ▬▬ ▬▬▬▬ ▬▬ ▬ ▬▬▬ ▬▬ ▬ ▬▬ ▬▬▬ ▬ ▬▬ ▬▬▬▬ ▬▬ ▬ ▬▬▬ ▬▬ ▬ ▬▬ ▬▬▬ ▬ ▬▬ ▬▬▬▬ ▬▬ ▬ ▬▬▬ ▬▬ ▬ ▬▬ ▬▬▬ ▬ ▬▬ ▬▬▬▬ ▬▬ ▬ ▬▬▬ ▬▬ ▬ ▬▬ ▬▬▬ ▬ ▬▬ ▬▬▬▬ ▬▬ ▬ ▬▬▬ ▬▬ ▬ ▬▬ ▬▬▬ ▬ ▬▬ ▬▬▬▬ ▬▬ ▬ ▬▬▬ ▬▬ ▬ ▬▬ ▬▬▬ ▬ ▬▬ ▬▬▬▬ ▬▬ ▬ ▬▬▬ ▬▬ ▬ ▬▬ ▬▬▬ ▬ ▬▬ ▬▬▬▬ ▬▬ ▬ ▬▬▬ ▬▬ ▬ ▬▬ ▬▬▬ ▬ ▬▬ ▬▬▬▬ ▬▬ ▬ ▬▬▬ ▬▬ ▬ ▬▬ ▬▬▬ ▬ ▬▬ ▬▬▬▬ ▬▬ ▬ ▬▬▬ ▬▬ ▬ ▬▬ ▬▬▬ ▬ ▬▬ ▬▬▬▬ ▬▬ ▬ ▬▬▬ ▬▬ ▬ ▬▬ ▬▬▬ ▬ ▬▬ ▬▬▬▬ ▬▬ ▬ ▬▬▬ ▬▬ ▬ ▬▬ ▬▬▬ ▬ ▬▬ ▬▬▬▬ ▬▬ ▬ ▬▬▬ ▬▬ ▬ ▬▬ ▬▬▬ ▬ ▬▬ ▬▬▬▬ ▬▬ ▬ ▬▬▬ ▬▬ ▬ ▬▬ ▬▬▬ ▬ ▬▬ ▬▬▬▬ ▬▬ ▬ ▬▬▬ ▬▬ ▬ ▬▬ ▬▬▬ ▬ ▬▬ ▬▬▬▬ ▬▬ ▬ ▬▬▬ ▬▬ ▬ ▬▬ ▬▬▬ ▬ ▬▬ ▬▬▬▬ ▬▬ ▬ ▬▬▬ ▬▬ ▬ ▬▬ ▬▬▬ ▬ ▬▬ ▬▬▬▬ ▬▬ ▬ ▬▬▬ ▬▬ ▬ ▬▬ ▬▬▬ ▬ ▬▬ ▬▬▬▬ ▬▬ ▬ ▬▬▬ ▬▬ ▬ ▬▬ ▬▬▬ ▬ ▬▬ ▬▬▬▬ ▬▬ ▬ ▬▬▬ ▬▬ ▬ ▬▬ ▬▬▬ ▬ ▬▬ ▬▬▬▬ ▬▬ ▬ ▬▬▬ ▬▬ ▬ ▬▬ ▬▬▬ ▬ ▬▬ ▬▬▬▬ ▬▬ ▬ ▬▬▬ ▬▬ ▬ ▬▬ ▬▬▬ ▬ ▬▬ ▬▬▬▬ ▬▬ ▬ ▬▬▬ ▬▬

জামায়াত বাদে সর্বদলীয়

ভালো নেই

(শেষের পৃষ্ঠার পর) ▬ ▬▬ ▬▬▬ ▬ ▬▬ ▬▬▬▬ ▬▬ ▬ ▬▬▬ ▬▬ ▬ ▬▬ ▬▬▬ ▬ ▬▬ ▬▬▬▬ ▬▬ ▬ ▬▬▬ ▬▬ ▬ ▬▬ ▬▬▬ ▬ ▬▬ ▬▬▬▬ ▬▬ ▬ ▬▬▬ ▬▬ ▬ ▬▬ ▬▬▬ ▬ ▬▬ ▬▬▬▬ ▬▬ ▬ ▬▬▬ ▬▬ ▬ ▬▬ ▬▬▬ ▬ ▬▬ ▬▬▬▬ ▬▬ ▬ ▬▬▬ ▬▬ ▬ ▬▬ ▬▬▬ ▬ ▬▬ ▬▬▬▬ ▬▬ ▬ ▬▬▬ ▬▬ ▬ ▬▬ ▬▬▬ ▬ ▬▬ ▬▬▬▬ ▬▬ ▬ ▬▬▬ ▬▬ ▬ ▬▬ ▬▬▬ ▬ ▬▬ ▬▬▬▬ ▬▬ ▬ ▬▬▬ ▬▬ ▬ ▬▬ ▬▬▬ ▬ ▬▬ ▬▬▬▬ ▬▬ ▬ ▬▬▬ ▬▬ ▬ ▬▬ ▬▬▬ ▬ ▬▬ ▬▬▬▬ ▬▬ ▬ ▬▬▬ ▬▬ ▬ ▬▬ ▬▬▬ ▬ ▬▬ ▬▬▬▬ ▬▬ ▬ ▬▬▬ ▬▬ ▬ ▬▬ ▬▬▬ ▬ ▬▬ ▬▬▬▬ ▬▬

▬ ▬▬ ▬▬▬ ▬ ▬▬ ▬▬▬▬ ▬▬ ▬ ▬▬▬ ▬▬ ▬ ▬▬ ▬▬▬ ▬ ▬▬ ▬▬▬▬ ▬▬ ▬ ▬▬▬ ▬▬ ▬ ▬▬ ▬▬▬ ▬ ▬▬ ▬▬▬▬ ▬▬ ▬ ▬▬▬ ▬▬ ▬ ▬▬ ▬▬▬ ▬ ▬▬ ▬▬▬▬ ▬▬ ▬ ▬▬▬ ▬▬ ▬ ▬▬ ▬▬▬ ▬ ▬▬ ▬▬▬▬ ▬▬ ▬ ▬▬▬ ▬▬ ▬ ▬▬ ▬▬▬ ▬ ▬▬ ▬▬▬▬ ▬▬ ▬ ▬▬▬ ▬▬ ▬ ▬▬ ▬▬▬ ▬ ▬▬ ▬▬▬▬ ▬▬ ▬ ▬▬▬ ▬▬ ▬ ▬▬ ▬▬▬ ▬ ▬▬ ▬▬▬▬ ▬▬ ▬ ▬▬▬ ▬▬ ▬ ▬▬ ▬▬▬ ▬ ▬▬ ▬▬▬▬ ▬▬ ▬ ▬▬▬ ▬▬ ▬ ▬▬ ▬▬▬ ▬ ▬▬ ▬▬▬▬ ▬▬ ▬ ▬▬▬ ▬▬ ▬ ▬▬ ▬▬▬ ▬ ▬▬ ▬▬▬▬ ▬▬ ▬ ▬▬▬ ▬▬ ▬ ▬▬ ▬▬▬ ▬ ▬▬ ▬▬▬▬ ▬▬ ▬ ▬▬▬ ▬▬ ▬ ▬▬ ▬▬▬ ▬ ▬▬ ▬▬▬▬ ▬▬ ▬ ▬▬▬ ▬▬ ▬ ▬▬ ▬▬▬ ▬ ▬▬ ▬▬▬▬ ▬▬ ▬ ▬▬▬ ▬▬ ▬ ▬▬ ▬▬▬ ▬ ▬▬ ▬▬▬▬ ▬▬ ▬ ▬▬▬ ▬▬ ▬ ▬▬ ▬▬▬ ▬ ▬▬ ▬▬▬▬ ▬▬ ▬ ▬▬▬ ▬▬ ▬ ▬▬ ▬▬▬ ▬ ▬▬ ▬▬▬▬ ▬▬ ▬ ▬▬▬ ▬▬ ▬ ▬▬ ▬▬▬ ▬ ▬▬ ▬▬▬▬ ▬▬ ▬ ▬▬▬ ▬▬ ▬ ▬▬ ▬▬▬ ▬ ▬▬ ▬▬▬▬ ▬▬ ▬ ▬▬▬ ▬▬ ▬ ▬▬ ▬▬▬ ▬ ▬▬ ▬▬▬▬ ▬▬ ▬ ▬▬▬ ▬▬ ▬ ▬▬ ▬▬▬ ▬ ▬▬ ▬▬▬▬ ▬▬ ▬ ▬▬▬ ▬▬

স্বা	স্থ্য	প্র	তি	দি	ন
মুখ গহ্বরের ক্যান্সার ও করণীয়

▬ ▬▬ ▬▬▬ ▬ ▬▬ ▬▬▬▬ ▬▬ ▬ ▬▬▬ ▬▬ ▬ ▬▬ ▬▬▬ ▬ ▬▬ ▬▬▬▬ ▬▬ ▬ ▬▬▬ ▬▬ ▬ ▬▬ ▬▬▬ ▬ ▬▬ ▬▬▬▬ ▬▬ ▬ ▬▬▬ ▬▬ ▬ ▬▬ ▬▬▬ ▬ ▬▬ ▬▬▬▬ ▬▬ ▬ ▬▬▬ ▬▬ ▬ ▬▬ ▬▬▬ ▬ ▬▬ ▬▬▬▬ ▬▬ ▬ ▬▬▬ ▬▬ ▬ ▬▬ ▬▬▬ ▬ ▬▬ ▬▬▬▬ ▬▬ ▬ ▬▬▬ ▬▬ ▬ ▬▬ ▬▬▬ ▬ ▬▬ ▬▬▬▬ ▬▬ ▬ ▬▬▬ ▬▬ ▬ ▬▬ ▬▬▬ ▬ ▬▬ ▬▬▬▬ ▬▬ ▬ ▬▬▬ ▬▬ ▬ ▬▬ ▬▬▬ ▬ ▬▬ ▬▬▬▬ ▬▬ ▬ ▬▬▬ ▬▬ ▬ ▬▬ ▬▬▬ ▬ ▬▬ ▬▬▬▬ ▬▬ ▬ ▬▬▬ ▬▬ ▬ ▬▬ ▬▬▬ ▬ ▬▬ ▬▬▬▬ ▬▬ ▬ ▬▬▬ ▬▬ ▬ ▬▬ ▬▬▬ ▬ ▬▬ ▬▬▬▬ ▬▬ ▬ ▬▬▬ ▬▬ ▬ ▬▬ ▬▬▬ ▬ ▬▬ ▬▬▬▬ ▬▬ ▬ ▬▬▬ ▬▬ ▬ ▬▬ ▬▬▬ ▬ ▬▬ ▬▬▬▬ ▬▬ ▬ ▬▬▬ ▬▬ ▬ ▬▬ ▬▬▬ ▬ ▬▬ ▬▬▬▬ ▬▬ ▬ ▬▬▬ ▬▬ ▬ ▬▬ ▬▬▬ ▬ ▬▬ ▬▬▬▬ ▬▬ ▬ ▬▬▬ ▬▬ ▬ ▬▬ ▬▬▬ ▬ ▬▬ ▬▬▬▬ ▬▬ ▬ ▬▬▬ ▬▬ ▬ ▬▬ ▬▬▬ ▬ ▬▬ ▬▬▬▬ ▬▬ ▬ ▬▬▬ ▬▬ ▬ ▬▬ ▬▬▬ ▬ ▬▬ ▬▬▬▬ ▬▬ ▬ ▬▬▬ ▬▬ ▬ ▬▬ ▬▬▬ ▬ ▬▬ ▬▬▬▬ ▬▬ ▬ ▬▬▬ ▬▬ ▬ ▬▬ ▬▬▬ ▬ ▬▬ ▬▬▬▬ ▬▬ ▬ ▬▬▬ ▬▬ ▬ ▬▬ ▬▬▬ ▬ ▬▬ ▬▬▬▬ ▬▬ ▬ ▬▬▬ ▬▬ ▬ ▬▬ ▬▬▬ ▬ ▬▬ ▬▬▬▬ ▬▬ ▬ ▬▬▬ ▬▬ ▬ ▬▬ ▬▬▬ ▬ ▬▬ ▬▬▬▬ ▬▬ ▬ ▬▬▬ ▬▬ ▬ ▬▬ ▬▬▬ ▬ ▬▬ ▬▬▬▬ ▬▬ ▬ ▬▬▬ ▬▬ ▬ ▬▬ ▬▬▬ ▬ ▬▬ ▬▬▬▬ ▬▬ ▬ ▬▬▬ ▬▬ ▬ ▬▬ ▬▬▬ ▬ ▬▬ ▬▬▬▬ ▬▬ ▬ ▬▬▬ ▬▬ ▬ ▬▬ ▬▬▬ ▬ ▬▬ ▬▬▬▬ ▬▬ ▬ ▬▬▬ ▬▬ ▬ ▬▬ ▬▬▬ ▬ ▬▬ ▬▬▬▬ ▬▬ ▬ ▬▬▬ ▬▬ ▬ ▬▬ ▬▬▬ ▬ ▬▬ ▬▬▬▬ ▬▬ ▬ ▬▬▬ ▬▬ ▬ ▬▬ ▬▬▬ ▬ ▬▬ ▬▬▬▬ ▬▬ ▬ ▬▬▬ ▬▬ ▬ ▬▬ ▬▬▬ ▬ ▬▬ ▬▬▬▬ ▬▬ ▬ ▬▬▬ ▬▬ ▬ ▬▬ ▬▬▬ ▬ ▬▬ ▬▬▬▬ ▬▬ ▬ ▬▬▬ ▬▬ ▬ ▬▬ ▬▬▬ ▬ ▬▬ ▬▬▬▬ ▬▬ ▬ ▬▬▬ ▬▬ ▬ ▬▬ ▬▬▬ ▬ ▬▬ ▬▬▬▬ ▬▬ ▬ ▬▬▬ ▬▬ ▬ ▬▬ ▬▬▬ ▬ ▬▬ ▬▬▬▬ ▬▬ ▬ ▬▬▬ ▬▬ ▬ ▬▬ ▬▬▬ ▬ ▬▬ ▬▬▬▬ ▬▬ ▬ ▬▬▬ ▬▬ ▬ ▬▬ ▬▬▬ ▬ ▬▬ ▬▬▬▬ ▬▬ ▬ ▬▬▬ ▬▬ ▬ ▬▬ ▬▬▬ ▬ ▬▬ ▬▬▬▬ ▬▬ ▬ ▬▬▬ ▬▬ ▬ ▬▬ ▬▬▬ ▬ ▬▬ ▬▬▬▬ ▬▬ ▬ ▬▬▬ ▬▬ ▬ ▬▬ ▬▬▬ ▬ ▬▬ ▬▬▬▬ ▬▬ ▬ ▬▬▬ ▬▬ ▬ ▬▬ ▬▬▬ ▬ ▬▬ ▬▬▬▬ ▬▬ ▬ ▬▬▬ ▬▬ ▬ ▬▬ ▬▬▬ ▬ ▬▬ ▬▬▬▬ ▬▬ ▬ ▬▬▬ ▬▬ ▬ ▬▬ ▬▬▬ ▬ ▬▬ ▬▬▬▬ ▬▬ ▬ ▬▬▬ ▬▬ ▬ ▬▬ ▬▬▬ ▬ ▬▬ ▬▬▬▬ ▬▬ ▬ ▬▬▬ ▬▬ ▬ ▬▬ ▬▬▬ ▬ ▬▬ ▬▬▬▬ ▬▬ ▬ ▬▬▬ ▬▬ ▬ ▬▬ ▬▬▬ ▬ ▬▬ ▬▬▬▬ ▬▬ ▬ ▬▬▬ ▬▬ ▬ ▬▬ ▬▬▬ ▬ ▬▬ ▬▬▬▬ ▬▬ ▬ ▬▬▬ ▬▬ ▬ ▬▬ ▬▬▬ ▬ ▬▬ ▬▬▬▬ ▬▬ ▬ ▬▬▬ ▬▬ ▬ ▬▬ ▬▬▬ ▬ ▬▬ ▬▬▬▬ ▬▬ ▬ ▬▬▬ ▬▬ ▬ ▬▬ ▬▬▬ ▬ ▬▬ ▬▬▬▬ ▬▬ ▬ ▬▬▬ ▬▬ ▬ ▬▬ ▬▬▬ ▬ ▬▬ ▬▬▬▬ ▬▬ ▬ ▬▬▬ ▬▬ ▬ ▬▬ ▬▬▬ ▬ ▬▬ ▬▬▬▬ ▬▬ ▬ ▬▬▬ ▬▬ ▬ ▬▬ ▬▬▬ ▬ ▬▬ ▬▬▬▬ ▬▬ ▬ ▬▬▬ ▬▬ ▬ ▬▬ ▬▬▬ ▬ ▬▬ ▬▬▬▬ ▬▬ ▬ ▬▬▬ ▬▬ ▬ ▬▬ ▬▬▬ ▬ ▬▬ ▬▬▬▬ ▬▬ ▬ ▬▬▬ ▬▬ ▬ ▬▬ ▬▬▬ ▬ ▬▬ ▬▬▬▬ ▬▬ ▬ ▬▬▬ ▬▬ ▬ ▬▬ ▬▬▬ ▬ ▬▬ ▬▬▬▬ ▬▬ ▬ ▬▬▬ ▬▬ ▬ ▬▬ ▬▬▬ ▬ ▬▬ ▬▬▬▬ ▬▬ ▬ ▬▬▬ ▬▬ ▬ ▬▬ ▬▬▬ ▬ ▬▬ ▬▬▬▬ ▬▬ ▬ ▬▬▬ ▬▬ ▬ ▬▬ ▬▬▬ ▬ ▬▬ ▬▬▬▬ ▬▬ ▬ ▬▬▬ ▬▬ ▬ ▬▬ ▬▬▬ ▬ ▬▬ ▬▬▬▬ ▬▬ ▬ ▬▬▬ ▬▬ ▬ ▬▬ ▬▬▬ ▬ ▬▬ ▬▬▬▬ ▬▬ ▬ ▬▬▬ ▬▬ ▬ ▬▬ ▬▬▬ ▬ ▬▬ ▬▬▬▬ ▬▬ ▬ ▬▬▬ ▬▬ ▬ ▬▬ ▬▬▬ ▬ ▬▬ ▬▬▬▬ ▬▬ ▬ ▬▬▬ ▬▬ ▬ ▬▬ ▬▬▬ ▬ ▬▬ ▬▬▬▬ ▬▬ ▬ ▬▬▬ ▬▬ ▬ ▬▬ ▬▬▬ ▬ ▬▬ ▬▬▬▬ ▬▬ ▬ ▬▬▬ ▬▬ ▬ ▬▬ ▬▬▬ ▬ ▬▬ ▬▬▬▬ ▬▬ ▬ ▬▬▬ ▬▬ ▬ ▬▬ ▬▬▬ ▬ ▬▬ ▬▬▬▬ ▬▬ ▬ ▬▬▬ ▬▬ ▬ ▬▬ ▬▬▬ ▬ ▬▬ ▬▬▬▬ ▬▬ ▬ ▬▬▬ ▬▬ ▬ ▬▬ ▬▬▬ ▬ ▬▬ ▬▬▬▬ ▬▬ ▬ ▬▬▬ ▬▬ ▬ ▬▬ ▬▬▬ ▬ ▬▬ ▬▬▬▬ ▬▬ ▬ ▬▬▬ ▬▬ ▬ ▬▬ ▬▬▬ ▬ ▬▬ ▬▬▬▬ ▬▬ ▬ ▬▬▬ ▬▬ ▬ ▬▬ ▬▬▬ ▬ ▬▬ ▬▬▬▬ ▬▬ ▬ ▬▬▬ ▬▬ ▬ ▬▬ ▬▬▬ ▬ ▬▬ ▬▬▬▬ ▬▬ ▬ ▬▬▬ ▬▬ ▬ ▬▬ ▬▬▬ ▬ ▬▬ ▬▬▬▬ ▬▬ ▬ ▬▬▬ ▬▬ ▬ ▬▬ ▬▬▬ ▬ ▬▬ ▬▬▬▬ ▬▬ ▬ ▬▬▬ ▬▬ ▬ ▬▬ ▬▬▬ ▬ ▬▬ ▬▬▬▬ ▬▬ ▬ ▬▬▬ ▬▬ ▬ ▬▬ ▬▬▬ ▬ ▬▬ ▬▬▬▬ ▬▬ ▬ ▬▬▬ ▬▬ ▬ ▬▬ ▬▬▬ ▬ ▬▬ ▬▬▬▬ ▬▬ ▬ ▬▬▬ ▬▬

Dhaka North City Corporation
Office of the Executive Engineer
Mechanical Engineering Division
14, Dhalpur, Saydabad, Dhaka.
Jatrabari, Dhaka-1232
Phone : 02-7549909.
Memo No. 46.207.007.09.24.009.2016	Date : 01.12.2016
Re-Tender Notice
e-Tender is invited in e-GP System Portal (http://www.eprocure.gov.bd) by Executive Engineer, Mechanical Division, Dhaka North City Corporation for the procurement of :
Sl No.	Tender ID & Ref. No	Name of works	Last Date and Time for tender Security Submission	Tender Closing Date & Time
1	Tender ID- 77649, e-GP/dncc/mech-052(1)/2015-16	Supply of spare parts/goods & repair of Hino 5 ton compector Truck for yearly framework method in 2015-16. Package No-29 (Tender ID-77649)	15 December-2016 12:30 PM	15 December-2016 13:00 PM
This is an online Tender, where only e-Tender will be accepted in e-GP Portal and no offline/hard copies will be accepted. To submit e-Tender, please register on e-GP system Portal (http://www.eprocure.gov.bd).
Md. Siddiqur Rahman
Executive Engineer
Mechanical Engineering Division
Dhaka North City Corporation
G-1312/16 (4x3)
GOVERNMENT OF THE PEOPLE'S REPUBLIC OF BANGLADESH
Ministry of Industries
Bangladesh Institute of Management
4 Sobhanbag, Mirpur Road, Dhaka-1207
website: www.bim.org.bd, Phone: 8117405-7, 9103171-73 & 9103178 (PABX)
Ref. BIM/DSC & DPQM/Admission/2016	Date: 30-11-2016
SIX MONTHS DIPLOMA PROGRAM OF BIM
With Special Focus on Ready Made Garments & Textile Sector
ADMISSION GOING ON
IN DHAKA CAMPUS
Diploma in Social Compliance (DSC) Batch-XIII
Diploma in Productivity & Quality Management (DPQM) Batch-VII
(with emphasis on Lean Manufacturing)
In Cooperation with giz
Who can Apply?
Graduates in any discipline from recognized university, college or institution are eligible. People having Diploma in engineering along with 4 years working experience can also apply.
Application Form Fee: Tk. 500/-
COURSE FEE : Tk 35,000.00 (DSC)
(Diploma in Social Compliance)
COURSE FEE : Tk 30,000.00 (DPQM)
(Diploma in Productivity & Quality Mgt.)
Class Days : Sunday, Monday & Tuesday
Timing : 18:15 – 21:30 hrs.
Working Executives of RMG Sector and the candidates who want to build their career in Garment Sector are specially encouraged to apply.
APPLICATION GUIDELINES
1. Interested candidates must apply through prescribed "Online Application System".
2. To get the form, please visit BIM website. Go to Admission and before filling-up the form, please follow the detail instruction mentioned in "How to Fill-up Online Application Form" for Six Months Diploma Program.
ONLINE FORM SUBMISSION DEADLINE: 31ST DECEMBER, 2016
Subjects included in DSC Program:
• HRM & Organizational Behavior
• Industrial Safety, Health & Welfare
• Labour Laws and Industrial Relations
• Social Compliance & International Standards
• Social Audit & SA8000
• Internship (Factory Audit) & Viva Voce
Subjects included in DPQM Program:
• HRM, OB & Social Compliance
• Introduction to Garments Manufacturing
• Garment Production Management
• Garment Quality Management
• Industrial Engineering
• Lean Manufacturing
• Internship / Project work & Viva Voce
For information: Engr. A N M Shahidullah, Program Director
Md. Mahbub-ul Alam, Program Coordinator, Cell: 01819113406;
Md. Rezaul Karim Cell: 01716035277 (for online application related problem)
Md. Atiqur Rahman, Cell: 01816767892 (General Information)
E-mail: dsc.dpqm@gmail.com	DIRECTOR GENERAL
